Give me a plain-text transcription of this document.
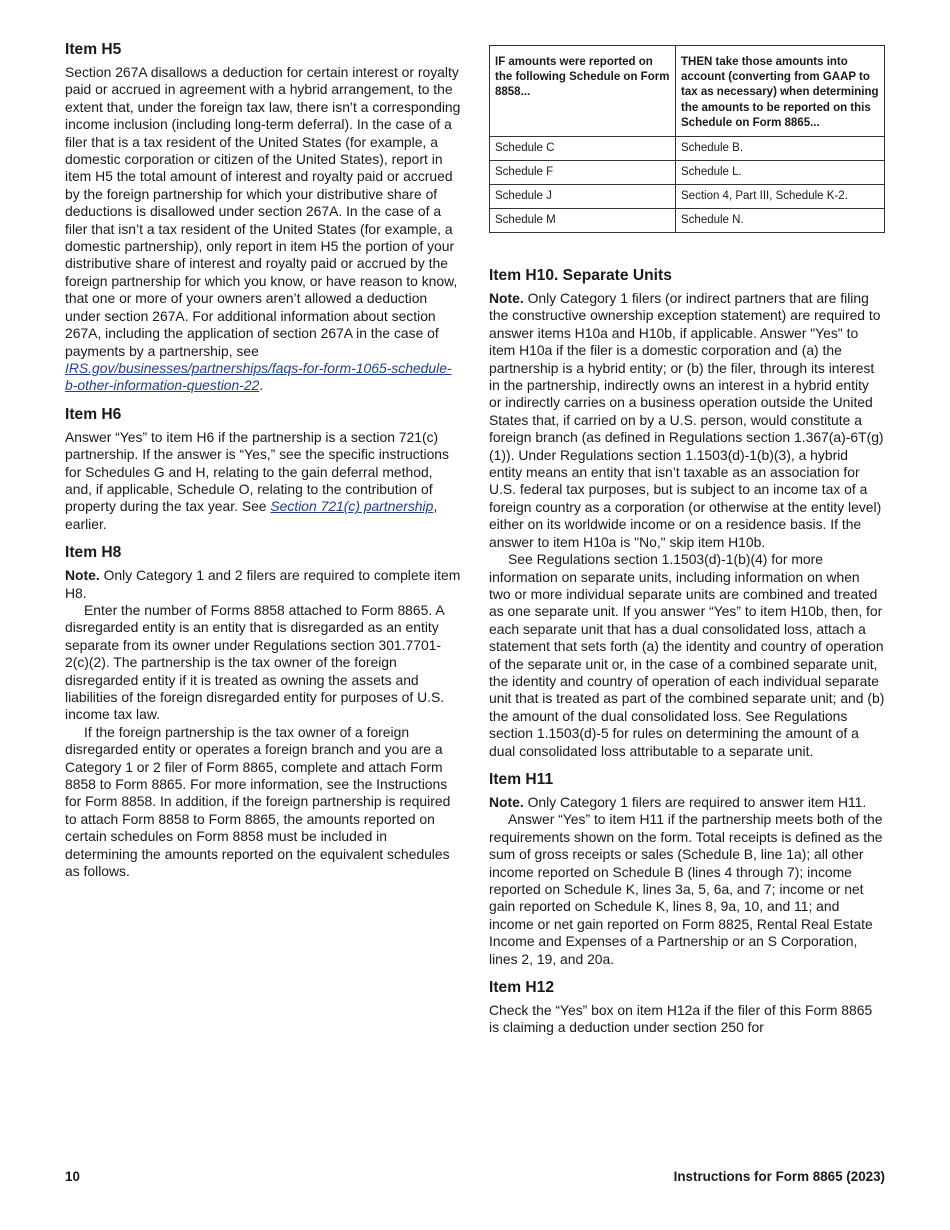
Item H5

Section 267A disallows a deduction for certain interest or royalty paid or accrued in agreement with a hybrid arrangement, to the extent that, under the foreign tax law, there isn’t a corresponding income inclusion (including long-term deferral). In the case of a filer that is a tax resident of the United States (for example, a domestic corporation or citizen of the United States), report in item H5 the total amount of interest and royalty paid or accrued by the foreign partnership for which your distributive share of deductions is disallowed under section 267A. In the case of a filer that isn’t a tax resident of the United States (for example, a domestic partnership), only report in item H5 the portion of your distributive share of interest and royalty paid or accrued by the foreign partnership for which you know, or have reason to know, that one or more of your owners aren’t allowed a deduction under section 267A. For additional information about section 267A, including the application of section 267A in the case of payments by a partnership, see IRS.gov/businesses/partnerships/faqs-for-form-1065-schedule-b-other-information-question-22.

Item H6

Answer “Yes” to item H6 if the partnership is a section 721(c) partnership. If the answer is “Yes,” see the specific instructions for Schedules G and H, relating to the gain deferral method, and, if applicable, Schedule O, relating to the contribution of property during the tax year. See Section 721(c) partnership, earlier.

Item H8

Note. Only Category 1 and 2 filers are required to complete item H8.

Enter the number of Forms 8858 attached to Form 8865. A disregarded entity is an entity that is disregarded as an entity separate from its owner under Regulations section 301.7701-2(c)(2). The partnership is the tax owner of the foreign disregarded entity if it is treated as owning the assets and liabilities of the foreign disregarded entity for purposes of U.S. income tax law.

If the foreign partnership is the tax owner of a foreign disregarded entity or operates a foreign branch and you are a Category 1 or 2 filer of Form 8865, complete and attach Form 8858 to Form 8865. For more information, see the Instructions for Form 8858. In addition, if the foreign partnership is required to attach Form 8858 to Form 8865, the amounts reported on certain schedules on Form 8858 must be included in determining the amounts reported on the equivalent schedules as follows.

IF amounts were reported on the following Schedule on Form 8858...	THEN take those amounts into account (converting from GAAP to tax as necessary) when determining the amounts to be reported on this Schedule on Form 8865...
Schedule C	Schedule B.
Schedule F	Schedule L.
Schedule J	Section 4, Part III, Schedule K-2.
Schedule M	Schedule N.
Item H10. Separate Units

Note. Only Category 1 filers (or indirect partners that are filing the constructive ownership exception statement) are required to answer items H10a and H10b, if applicable. Answer "Yes" to item H10a if the filer is a domestic corporation and (a) the partnership is a hybrid entity; or (b) the filer, through its interest in the partnership, indirectly owns an interest in a hybrid entity or indirectly carries on a business operation outside the United States that, if carried on by a U.S. person, would constitute a foreign branch (as defined in Regulations section 1.367(a)-6T(g)(1)). Under Regulations section 1.1503(d)-1(b)(3), a hybrid entity means an entity that isn’t taxable as an association for U.S. federal tax purposes, but is subject to an income tax of a foreign country as a corporation (or otherwise at the entity level) either on its worldwide income or on a residence basis. If the answer to item H10a is "No," skip item H10b.

See Regulations section 1.1503(d)-1(b)(4) for more information on separate units, including information on when two or more individual separate units are combined and treated as one separate unit. If you answer “Yes” to item H10b, then, for each separate unit that has a dual consolidated loss, attach a statement that sets forth (a) the identity and country of operation of the separate unit or, in the case of a combined separate unit, the identity and country of operation of each individual separate unit that is treated as part of the combined separate unit; and (b) the amount of the dual consolidated loss. See Regulations section 1.1503(d)-5 for rules on determining the amount of a dual consolidated loss attributable to a separate unit.

Item H11

Note. Only Category 1 filers are required to answer item H11.

Answer “Yes” to item H11 if the partnership meets both of the requirements shown on the form. Total receipts is defined as the sum of gross receipts or sales (Schedule B, line 1a); all other income reported on Schedule B (lines 4 through 7); income reported on Schedule K, lines 3a, 5, 6a, and 7; income or net gain reported on Schedule K, lines 8, 9a, 10, and 11; and income or net gain reported on Form 8825, Rental Real Estate Income and Expenses of a Partnership or an S Corporation, lines 2, 19, and 20a.

Item H12

Check the “Yes” box on item H12a if the filer of this Form 8865 is claiming a deduction under section 250 for

10	Instructions for Form 8865 (2023)
